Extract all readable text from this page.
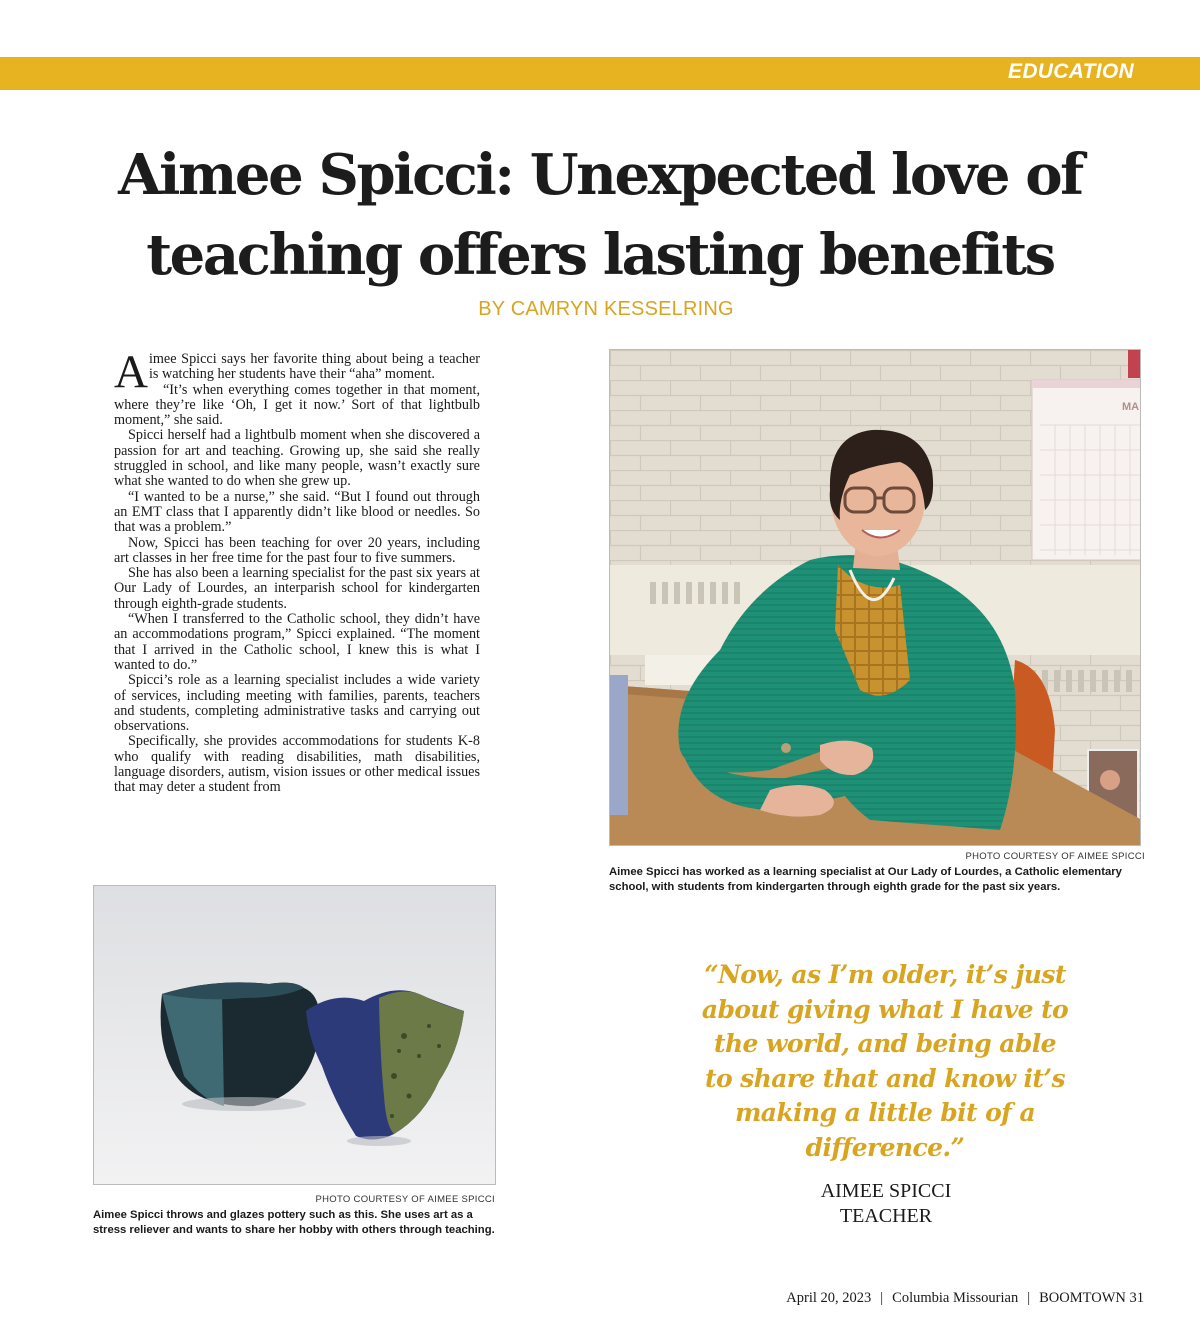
EDUCATION
Aimee Spicci: Unexpected love of teaching offers lasting benefits
BY CAMRYN KESSELRING

Aimee Spicci says her favorite thing about being a teacher is watching her students have their “aha” moment.

“It’s when everything comes together in that moment, where they’re like ‘Oh, I get it now.’ Sort of that lightbulb moment,” she said.

Spicci herself had a lightbulb moment when she discovered a passion for art and teaching. Growing up, she said she really struggled in school, and like many people, wasn’t exactly sure what she wanted to do when she grew up.

“I wanted to be a nurse,” she said. “But I found out through an EMT class that I apparently didn’t like blood or needles. So that was a problem.”

Now, Spicci has been teaching for over 20 years, including art classes in her free time for the past four to five summers.

She has also been a learning specialist for the past six years at Our Lady of Lourdes, an interparish school for kindergarten through eighth-grade students.

“When I transferred to the Catholic school, they didn’t have an accommodations program,” Spicci explained. “The moment that I arrived in the Catholic school, I knew this is what I wanted to do.”

Spicci’s role as a learning specialist includes a wide variety of services, including meeting with families, parents, teachers and students, completing administrative tasks and carrying out observations.

Specifically, she provides accommodations for students K-8 who qualify with reading disabilities, math disabilities, language disorders, autism, vision issues or other medical issues that may deter a student from

MA
PHOTO COURTESY OF AIMEE SPICCI
Aimee Spicci has worked as a learning specialist at Our Lady of Lourdes, a Catholic elementary school, with students from kindergarten through eighth grade for the past six years.
PHOTO COURTESY OF AIMEE SPICCI
Aimee Spicci throws and glazes pottery such as this. She uses art as a stress reliever and wants to share her hobby with others through teaching.
“Now, as I’m older, it’s just
about giving what I have to
the world, and being able
to share that and know it’s
making a little bit of a
difference.”
AIMEE SPICCI
TEACHER
April 20, 2023 | Columbia Missourian | BOOMTOWN 31
